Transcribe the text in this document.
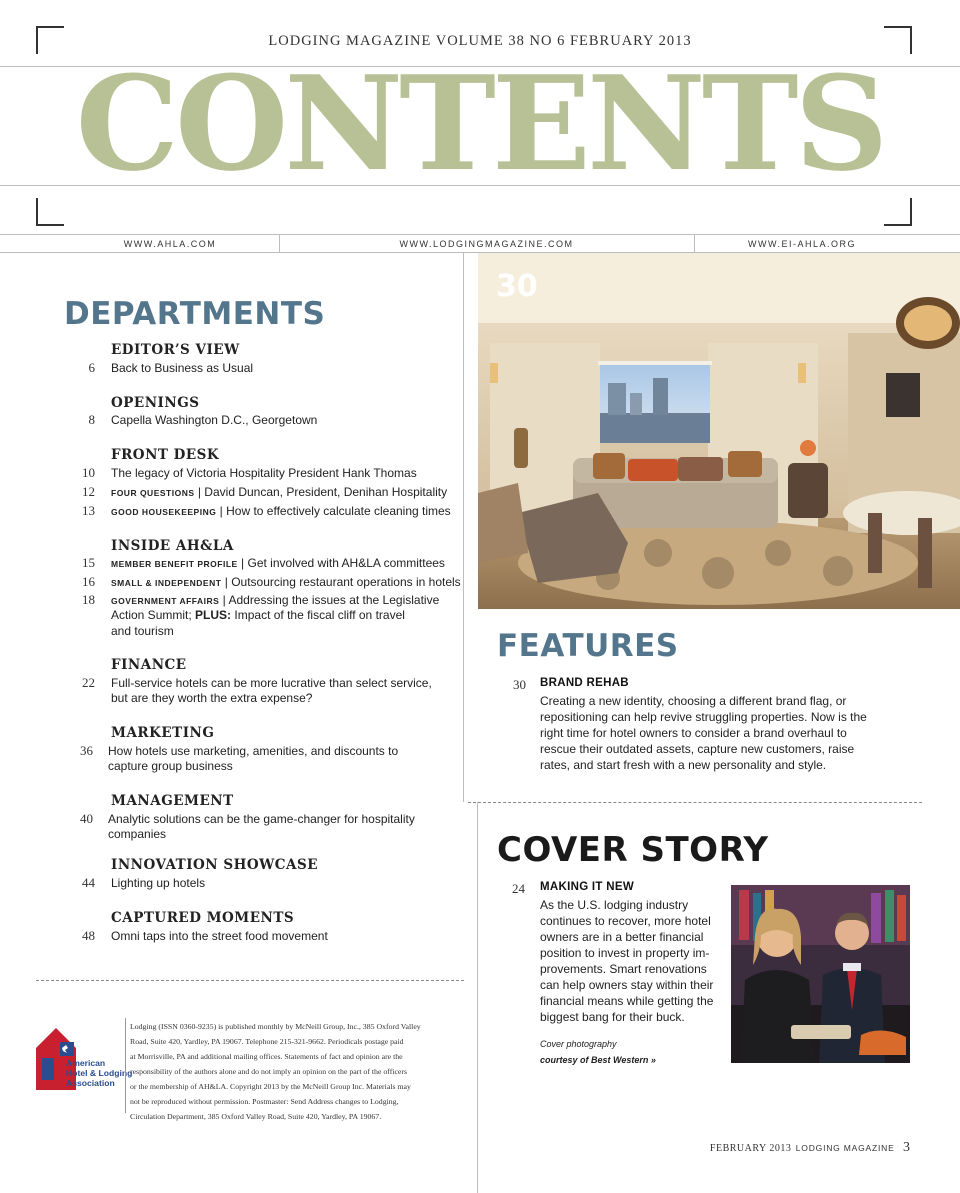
LODGING MAGAZINE VOLUME 38 NO 6 FEBRUARY 2013
CONTENTS
WWW.AHLA.COM	WWW.LODGINGMAGAZINE.COM	WWW.EI-AHLA.ORG
DEPARTMENTS
EDITOR’S VIEW
6 Back to Business as Usual
OPENINGS
8 Capella Washington D.C., Georgetown
FRONT DESK
10 The legacy of Victoria Hospitality President Hank Thomas
12 FOUR QUESTIONS | David Duncan, President, Denihan Hospitality
13 GOOD HOUSEKEEPING | How to effectively calculate cleaning times
INSIDE AH&LA
15 MEMBER BENEFIT PROFILE | Get involved with AH&LA committees
16 SMALL & INDEPENDENT | Outsourcing restaurant operations in hotels
18 GOVERNMENT AFFAIRS | Addressing the issues at the Legislative
Action Summit; PLUS: Impact of the fiscal cliff on travel
and tourism
FINANCE
22 Full-service hotels can be more lucrative than select service,
but are they worth the extra expense?
MARKETING
36 How hotels use marketing, amenities, and discounts to
capture group business
MANAGEMENT
40 Analytic solutions can be the game-changer for hospitality
companies
INNOVATION SHOWCASE
44 Lighting up hotels
CAPTURED MOMENTS
48 Omni taps into the street food movement
30
FEATURES
30 BRAND REHAB
Creating a new identity, choosing a different brand flag, or
repositioning can help revive struggling properties. Now is the
right time for hotel owners to consider a brand overhaul to
rescue their outdated assets, capture new customers, raise
rates, and start fresh with a new personality and style.
COVER STORY
24 MAKING IT NEW
As the U.S. lodging industry
continues to recover, more hotel
owners are in a better financial
position to invest in property im-
provements. Smart renovations
can help owners stay within their
financial means while getting the
biggest bang for their buck.
Cover photography
courtesy of Best Western »
American
Hotel & Lodging
Association
Lodging (ISSN 0360-9235) is published monthly by McNeill Group, Inc., 385 Oxford Valley
Road, Suite 420, Yardley, PA 19067. Telephone 215-321-9662. Periodicals postage paid
at Morrisville, PA and additional mailing offices. Statements of fact and opinion are the
responsibility of the authors alone and do not imply an opinion on the part of the officers
or the membership of AH&LA. Copyright 2013 by the McNeill Group Inc. Materials may
not be reproduced without permission. Postmaster: Send Address changes to Lodging,
Circulation Department, 385 Oxford Valley Road, Suite 420, Yardley, PA 19067.
FEBRUARY 2013 LODGING MAGAZINE 3
